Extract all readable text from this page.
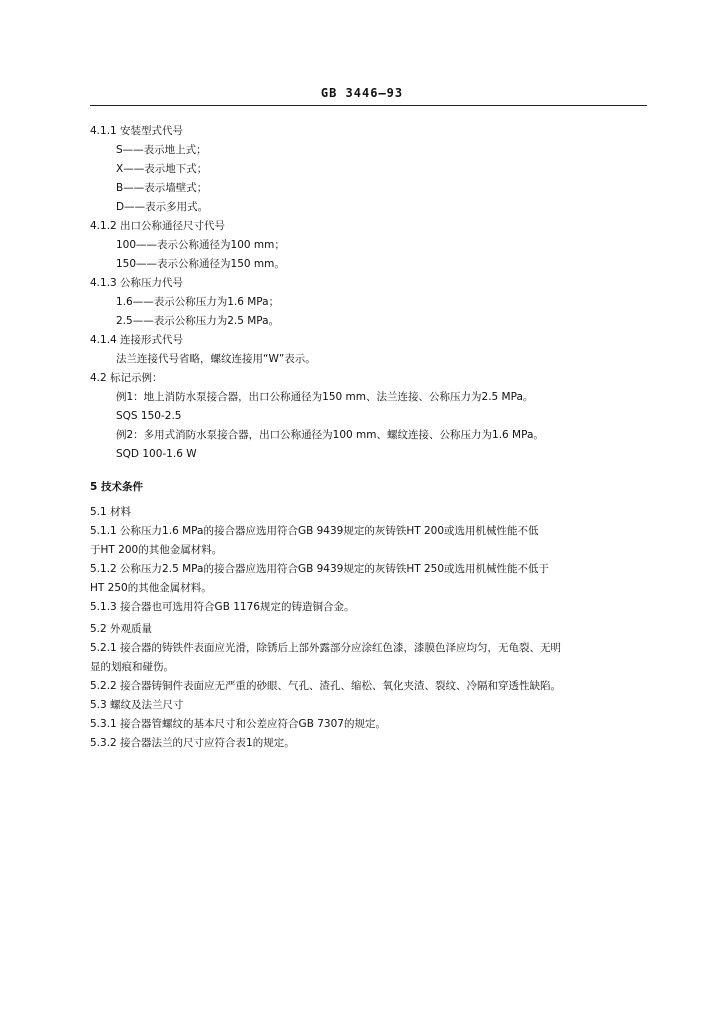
GB 3446—93
4.1.1 安装型式代号
S——表示地上式；
X——表示地下式；
B——表示墙壁式；
D——表示多用式。
4.1.2 出口公称通径尺寸代号
100——表示公称通径为100 mm；
150——表示公称通径为150 mm。
4.1.3 公称压力代号
1.6——表示公称压力为1.6 MPa；
2.5——表示公称压力为2.5 MPa。
4.1.4 连接形式代号
法兰连接代号省略，螺纹连接用“W”表示。
4.2 标记示例：
例1：地上消防水泵接合器，出口公称通径为150 mm、法兰连接、公称压力为2.5 MPa。
SQS 150-2.5
例2：多用式消防水泵接合器，出口公称通径为100 mm、螺纹连接、公称压力为1.6 MPa。
SQD 100-1.6 W
5 技术条件
5.1 材料
5.1.1 公称压力1.6 MPa的接合器应选用符合GB 9439规定的灰铸铁HT 200或选用机械性能不低
于HT 200的其他金属材料。
5.1.2 公称压力2.5 MPa的接合器应选用符合GB 9439规定的灰铸铁HT 250或选用机械性能不低于
HT 250的其他金属材料。
5.1.3 接合器也可选用符合GB 1176规定的铸造铜合金。
5.2 外观质量
5.2.1 接合器的铸铁件表面应光滑，除锈后上部外露部分应涂红色漆，漆膜色泽应均匀，无龟裂、无明
显的划痕和碰伤。
5.2.2 接合器铸铜件表面应无严重的砂眼、气孔、渣孔、缩松、氧化夹渣、裂纹、冷隔和穿透性缺陷。
5.3 螺纹及法兰尺寸
5.3.1 接合器管螺纹的基本尺寸和公差应符合GB 7307的规定。
5.3.2 接合器法兰的尺寸应符合表1的规定。
